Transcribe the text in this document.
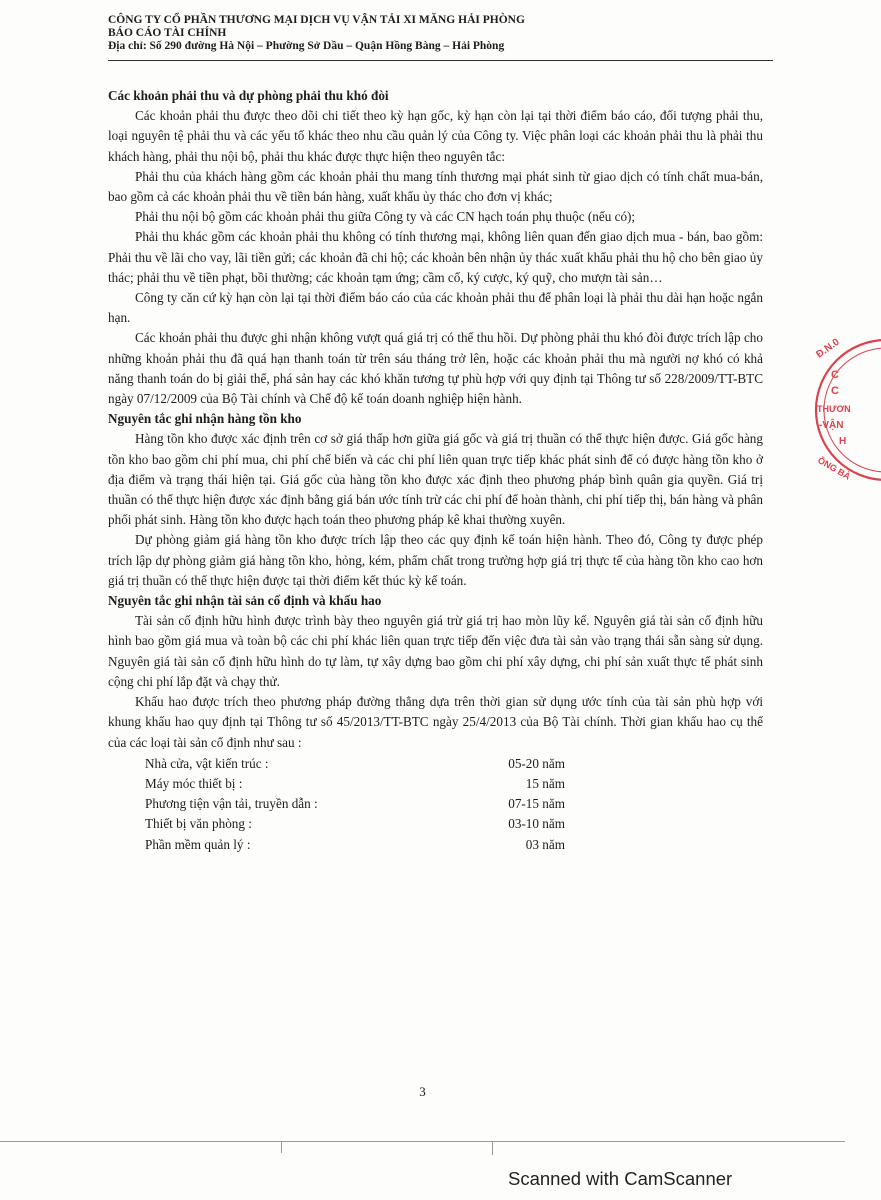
CÔNG TY CỔ PHẦN THƯƠNG MẠI DỊCH VỤ VẬN TẢI XI MĂNG HẢI PHÒNG
BÁO CÁO TÀI CHÍNH
Địa chỉ: Số 290 đường Hà Nội – Phường Sở Dầu – Quận Hồng Bàng – Hải Phòng
Các khoản phải thu và dự phòng phải thu khó đòi

Các khoản phải thu được theo dõi chi tiết theo kỳ hạn gốc, kỳ hạn còn lại tại thời điểm báo cáo, đối tượng phải thu, loại nguyên tệ phải thu và các yếu tố khác theo nhu cầu quản lý của Công ty. Việc phân loại các khoản phải thu là phải thu khách hàng, phải thu nội bộ, phải thu khác được thực hiện theo nguyên tắc:

Phải thu của khách hàng gồm các khoản phải thu mang tính thương mại phát sinh từ giao dịch có tính chất mua-bán, bao gồm cả các khoản phải thu về tiền bán hàng, xuất khẩu ủy thác cho đơn vị khác;

Phải thu nội bộ gồm các khoản phải thu giữa Công ty và các CN hạch toán phụ thuộc (nếu có);

Phải thu khác gồm các khoản phải thu không có tính thương mại, không liên quan đến giao dịch mua - bán, bao gồm: Phải thu về lãi cho vay, lãi tiền gửi; các khoản đã chi hộ; các khoản bên nhận ủy thác xuất khẩu phải thu hộ cho bên giao ủy thác; phải thu về tiền phạt, bồi thường; các khoản tạm ứng; cầm cố, ký cược, ký quỹ, cho mượn tài sản…

Công ty căn cứ kỳ hạn còn lại tại thời điểm báo cáo của các khoản phải thu để phân loại là phải thu dài hạn hoặc ngắn hạn.

Các khoản phải thu được ghi nhận không vượt quá giá trị có thể thu hồi. Dự phòng phải thu khó đòi được trích lập cho những khoản phải thu đã quá hạn thanh toán từ trên sáu tháng trở lên, hoặc các khoản phải thu mà người nợ khó có khả năng thanh toán do bị giải thể, phá sản hay các khó khăn tương tự phù hợp với quy định tại Thông tư số 228/2009/TT-BTC ngày 07/12/2009 của Bộ Tài chính và Chế độ kế toán doanh nghiệp hiện hành.

Nguyên tắc ghi nhận hàng tồn kho

Hàng tồn kho được xác định trên cơ sở giá thấp hơn giữa giá gốc và giá trị thuần có thể thực hiện được. Giá gốc hàng tồn kho bao gồm chi phí mua, chi phí chế biến và các chi phí liên quan trực tiếp khác phát sinh để có được hàng tồn kho ở địa điểm và trạng thái hiện tại. Giá gốc của hàng tồn kho được xác định theo phương pháp bình quân gia quyền. Giá trị thuần có thể thực hiện được xác định bằng giá bán ước tính trừ các chi phí để hoàn thành, chi phí tiếp thị, bán hàng và phân phối phát sinh. Hàng tồn kho được hạch toán theo phương pháp kê khai thường xuyên.

Dự phòng giảm giá hàng tồn kho được trích lập theo các quy định kế toán hiện hành. Theo đó, Công ty được phép trích lập dự phòng giảm giá hàng tồn kho, hỏng, kém, phẩm chất trong trường hợp giá trị thực tế của hàng tồn kho cao hơn giá trị thuần có thể thực hiện được tại thời điểm kết thúc kỳ kế toán.

Nguyên tắc ghi nhận tài sản cố định và khấu hao

Tài sản cố định hữu hình được trình bày theo nguyên giá trừ giá trị hao mòn lũy kế. Nguyên giá tài sản cố định hữu hình bao gồm giá mua và toàn bộ các chi phí khác liên quan trực tiếp đến việc đưa tài sản vào trạng thái sẵn sàng sử dụng. Nguyên giá tài sản cố định hữu hình do tự làm, tự xây dựng bao gồm chi phí xây dựng, chi phí sản xuất thực tế phát sinh cộng chi phí lắp đặt và chạy thử.

Khấu hao được trích theo phương pháp đường thẳng dựa trên thời gian sử dụng ước tính của tài sản phù hợp với khung khấu hao quy định tại Thông tư số 45/2013/TT-BTC ngày 25/4/2013 của Bộ Tài chính. Thời gian khấu hao cụ thể của các loại tài sản cố định như sau :

Nhà cửa, vật kiến trúc :	05-20 năm
Máy móc thiết bị :	15 năm
Phương tiện vận tải, truyền dẫn :	07-15 năm
Thiết bị văn phòng :	03-10 năm
Phần mềm quản lý :	03 năm
3
Scanned with CamScanner
Đ.N.0
C
C
THƯƠN
-VẬN
H
ỒNG BÀ
